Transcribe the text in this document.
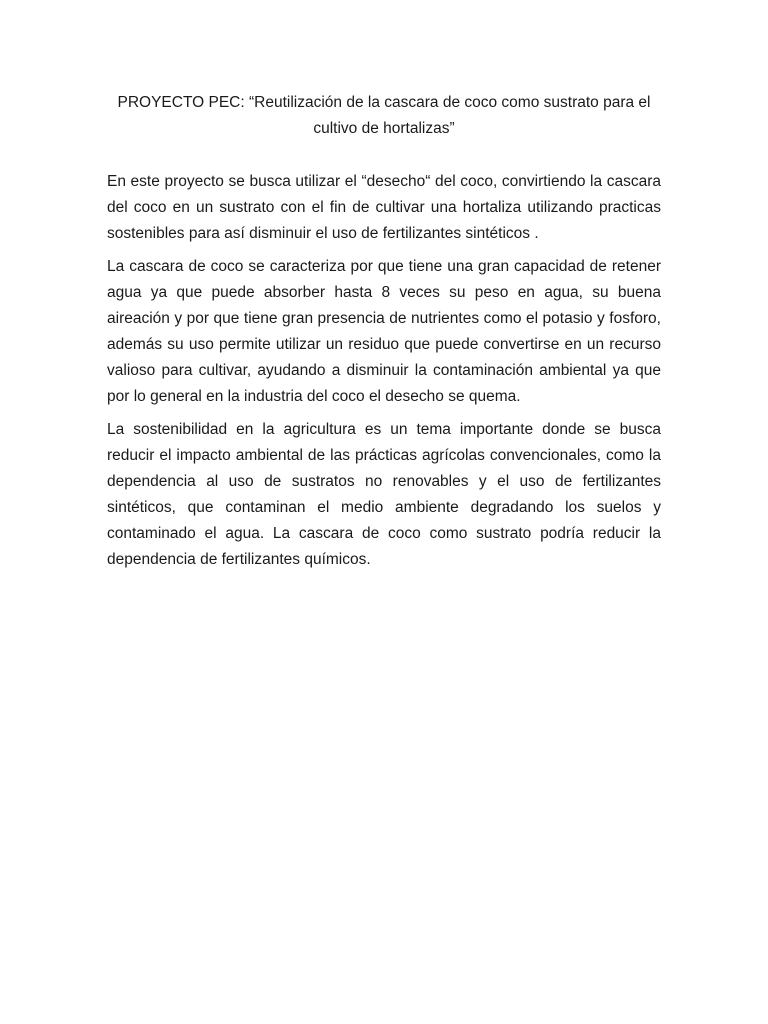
PROYECTO PEC: “Reutilización de la cascara de coco como sustrato para el cultivo de hortalizas”

En este proyecto se busca utilizar el “desecho“ del coco, convirtiendo la cascara del coco en un sustrato con el fin de cultivar una hortaliza utilizando practicas sostenibles para así disminuir el uso de fertilizantes sintéticos .

La cascara de coco se caracteriza por que tiene una gran capacidad de retener agua ya que puede absorber hasta 8 veces su peso en agua, su buena aireación y por que tiene gran presencia de nutrientes como el potasio y fosforo, además su uso permite utilizar un residuo que puede convertirse en un recurso valioso para cultivar, ayudando a disminuir la contaminación ambiental ya que por lo general en la industria del coco el desecho se quema.

La sostenibilidad en la agricultura es un tema importante donde se busca reducir el impacto ambiental de las prácticas agrícolas convencionales, como la dependencia al uso de sustratos no renovables y el uso de fertilizantes sintéticos, que contaminan el medio ambiente degradando los suelos y contaminado el agua. La cascara de coco como sustrato podría reducir la dependencia de fertilizantes químicos.
